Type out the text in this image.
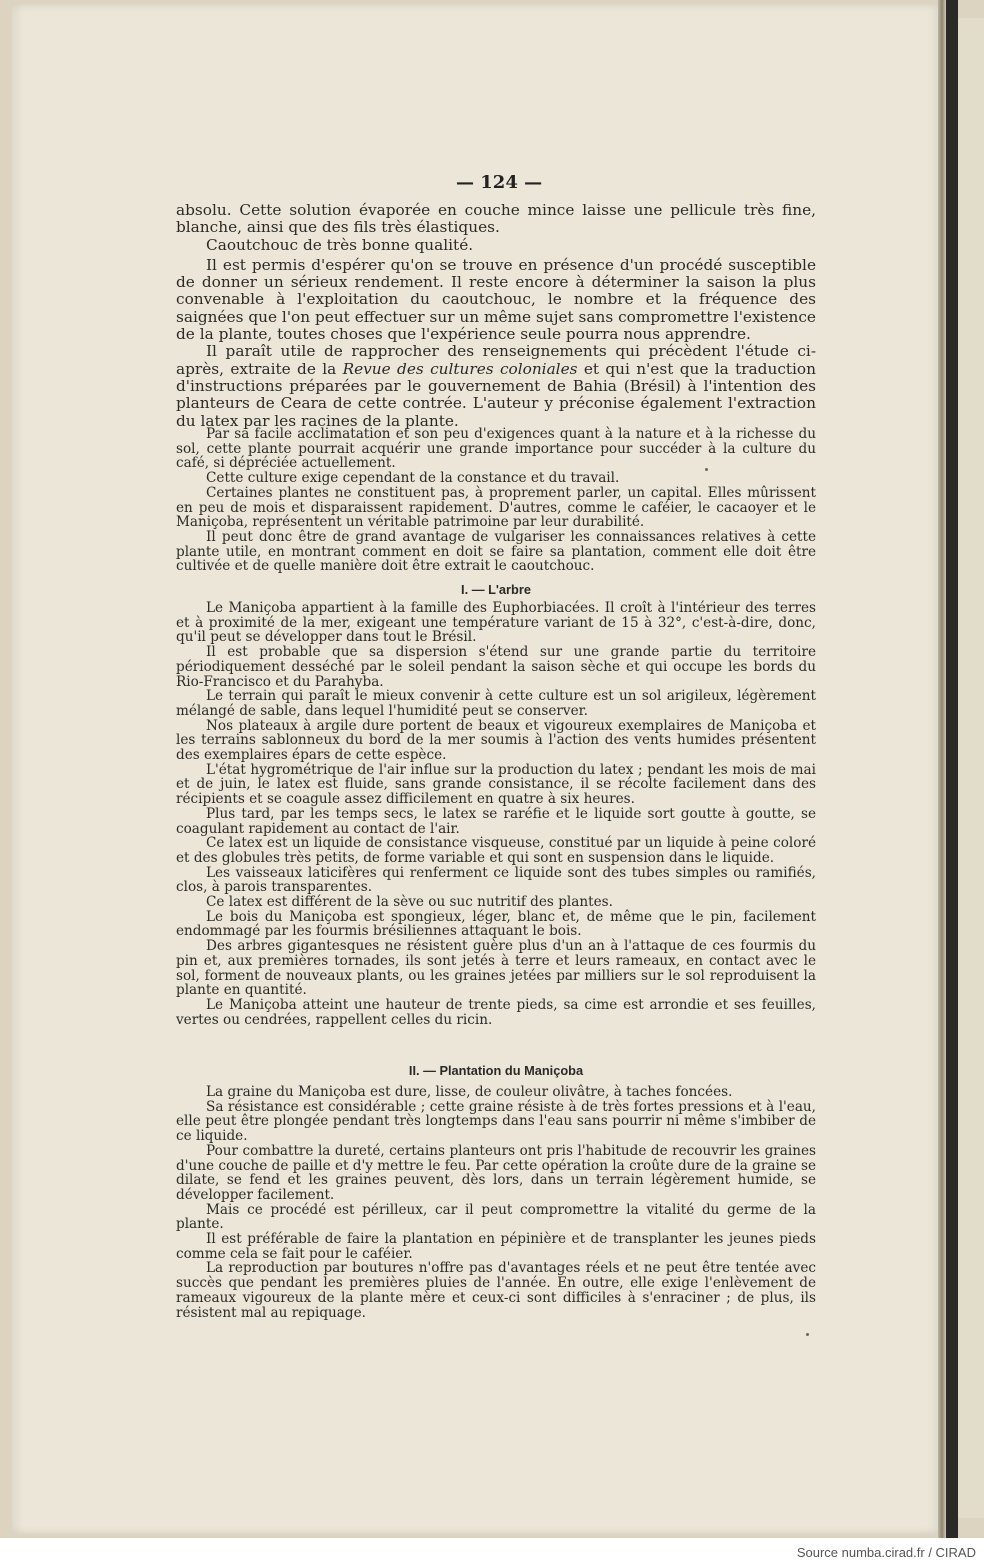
— 124 —

absolu. Cette solution évaporée en couche mince laisse une pellicule très fine, blanche, ainsi que des fils très élastiques.

Caoutchouc de très bonne qualité.

Il est permis d'espérer qu'on se trouve en présence d'un procédé susceptible de donner un sérieux rendement. Il reste encore à déterminer la saison la plus convenable à l'exploitation du caoutchouc, le nombre et la fréquence des saignées que l'on peut effectuer sur un même sujet sans compromettre l'existence de la plante, toutes choses que l'expérience seule pourra nous apprendre.

Il paraît utile de rapprocher des renseignements qui précèdent l'étude ci-après, extraite de la Revue des cultures coloniales et qui n'est que la traduction d'instructions préparées par le gouvernement de Bahia (Brésil) à l'intention des planteurs de Ceara de cette contrée. L'auteur y préconise également l'extraction du latex par les racines de la plante.

Par sa facile acclimatation et son peu d'exigences quant à la nature et à la richesse du sol, cette plante pourrait acquérir une grande importance pour succéder à la culture du café, si dépréciée actuellement.

Cette culture exige cependant de la constance et du travail.

Certaines plantes ne constituent pas, à proprement parler, un capital. Elles mûrissent en peu de mois et disparaissent rapidement. D'autres, comme le caféier, le cacaoyer et le Maniçoba, représentent un véritable patrimoine par leur durabilité.

Il peut donc être de grand avantage de vulgariser les connaissances relatives à cette plante utile, en montrant comment en doit se faire sa plantation, comment elle doit être cultivée et de quelle manière doit être extrait le caoutchouc.

I. — L'arbre

Le Maniçoba appartient à la famille des Euphorbiacées. Il croît à l'intérieur des terres et à proximité de la mer, exigeant une température variant de 15 à 32°, c'est-à-dire, donc, qu'il peut se développer dans tout le Brésil.

Il est probable que sa dispersion s'étend sur une grande partie du territoire périodiquement desséché par le soleil pendant la saison sèche et qui occupe les bords du Rio-Francisco et du Parahyba.

Le terrain qui paraît le mieux convenir à cette culture est un sol arigileux, légèrement mélangé de sable, dans lequel l'humidité peut se conserver.

Nos plateaux à argile dure portent de beaux et vigoureux exemplaires de Maniçoba et les terrains sablonneux du bord de la mer soumis à l'action des vents humides présentent des exemplaires épars de cette espèce.

L'état hygrométrique de l'air influe sur la production du latex ; pendant les mois de mai et de juin, le latex est fluide, sans grande consistance, il se récolte facilement dans des récipients et se coagule assez difficilement en quatre à six heures.

Plus tard, par les temps secs, le latex se raréfie et le liquide sort goutte à goutte, se coagulant rapidement au contact de l'air.

Ce latex est un liquide de consistance visqueuse, constitué par un liquide à peine coloré et des globules très petits, de forme variable et qui sont en suspension dans le liquide.

Les vaisseaux laticifères qui renferment ce liquide sont des tubes simples ou ramifiés, clos, à parois transparentes.

Ce latex est différent de la sève ou suc nutritif des plantes.

Le bois du Maniçoba est spongieux, léger, blanc et, de même que le pin, facilement endommagé par les fourmis brésiliennes attaquant le bois.

Des arbres gigantesques ne résistent guère plus d'un an à l'attaque de ces fourmis du pin et, aux premières tornades, ils sont jetés à terre et leurs rameaux, en contact avec le sol, forment de nouveaux plants, ou les graines jetées par milliers sur le sol reproduisent la plante en quantité.

Le Maniçoba atteint une hauteur de trente pieds, sa cime est arrondie et ses feuilles, vertes ou cendrées, rappellent celles du ricin.

II. — Plantation du Maniçoba

La graine du Maniçoba est dure, lisse, de couleur olivâtre, à taches foncées.

Sa résistance est considérable ; cette graine résiste à de très fortes pressions et à l'eau, elle peut être plongée pendant très longtemps dans l'eau sans pourrir ni même s'imbiber de ce liquide.

Pour combattre la dureté, certains planteurs ont pris l'habitude de recouvrir les graines d'une couche de paille et d'y mettre le feu. Par cette opération la croûte dure de la graine se dilate, se fend et les graines peuvent, dès lors, dans un terrain légèrement humide, se développer facilement.

Mais ce procédé est périlleux, car il peut compromettre la vitalité du germe de la plante.

Il est préférable de faire la plantation en pépinière et de transplanter les jeunes pieds comme cela se fait pour le caféier.

La reproduction par boutures n'offre pas d'avantages réels et ne peut être tentée avec succès que pendant les premières pluies de l'année. En outre, elle exige l'enlèvement de rameaux vigoureux de la plante mère et ceux-ci sont difficiles à s'enraciner ; de plus, ils résistent mal au repiquage.

Source numba.cirad.fr / CIRAD
